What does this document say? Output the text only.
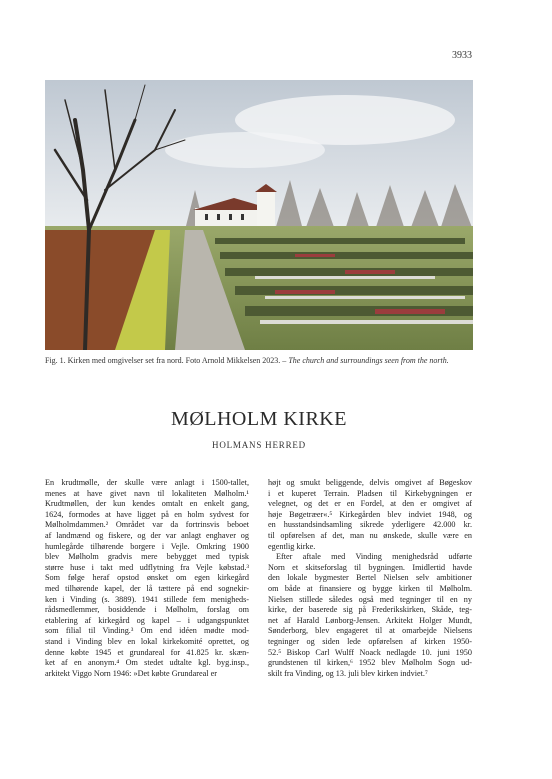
3933
Fig. 1. Kirken med omgivelser set fra nord. Foto Arnold Mikkelsen 2023. – The church and surroundings seen from the north.
MØLHOLM KIRKE
HOLMANS HERRED
En krudtmølle, der skulle være anlagt i 1500-tallet,
menes at have givet navn til lokaliteten Mølholm.¹
Krudtmøllen, der kun kendes omtalt en enkelt gang,
1624, formodes at have ligget på en holm sydvest for
Mølholmdammen.² Området var da fortrinsvis beboet
af landmænd og fiskere, og der var anlagt enghaver og
humlegårde tilhørende borgere i Vejle. Omkring 1900
blev Mølholm gradvis mere bebygget med typisk
større huse i takt med udflytning fra Vejle købstad.³
Som følge heraf opstod ønsket om egen kirkegård
med tilhørende kapel, der lå tættere på end sognekir-
ken i Vinding (s. 3889). 1941 stillede fem menigheds-
rådsmedlemmer, bosiddende i Mølholm, forslag om
etablering af kirkegård og kapel – i udgangspunktet
som filial til Vinding.³ Om end idéen mødte mod-
stand i Vinding blev en lokal kirkekomité oprettet, og
denne købte 1945 et grundareal for 41.825 kr. skæn-
ket af en anonym.⁴ Om stedet udtalte kgl. byg.insp.,
arkitekt Viggo Norn 1946: »Det købte Grundareal er
højt og smukt beliggende, delvis omgivet af Bøgeskov
i et kuperet Terrain. Pladsen til Kirkebygningen er
velegnet, og det er en Fordel, at den er omgivet af
høje Bøgetræer«.⁵ Kirkegården blev indviet 1948, og
en husstandsindsamling sikrede yderligere 42.000 kr.
til opførelsen af det, man nu ønskede, skulle være en
egentlig kirke.
Efter aftale med Vinding menighedsråd udførte
Norn et skitseforslag til bygningen. Imidlertid havde
den lokale bygmester Bertel Nielsen selv ambitioner
om både at finansiere og bygge kirken til Mølholm.
Nielsen stillede således også med tegninger til en ny
kirke, der baserede sig på Frederikskirken, Skåde, teg-
net af Harald Lønborg-Jensen. Arkitekt Holger Mundt,
Sønderborg, blev engageret til at omarbejde Nielsens
tegninger og siden lede opførelsen af kirken 1950-
52.⁵ Biskop Carl Wulff Noack nedlagde 10. juni 1950
grundstenen til kirken,⁶ 1952 blev Mølholm Sogn ud-
skilt fra Vinding, og 13. juli blev kirken indviet.⁷
